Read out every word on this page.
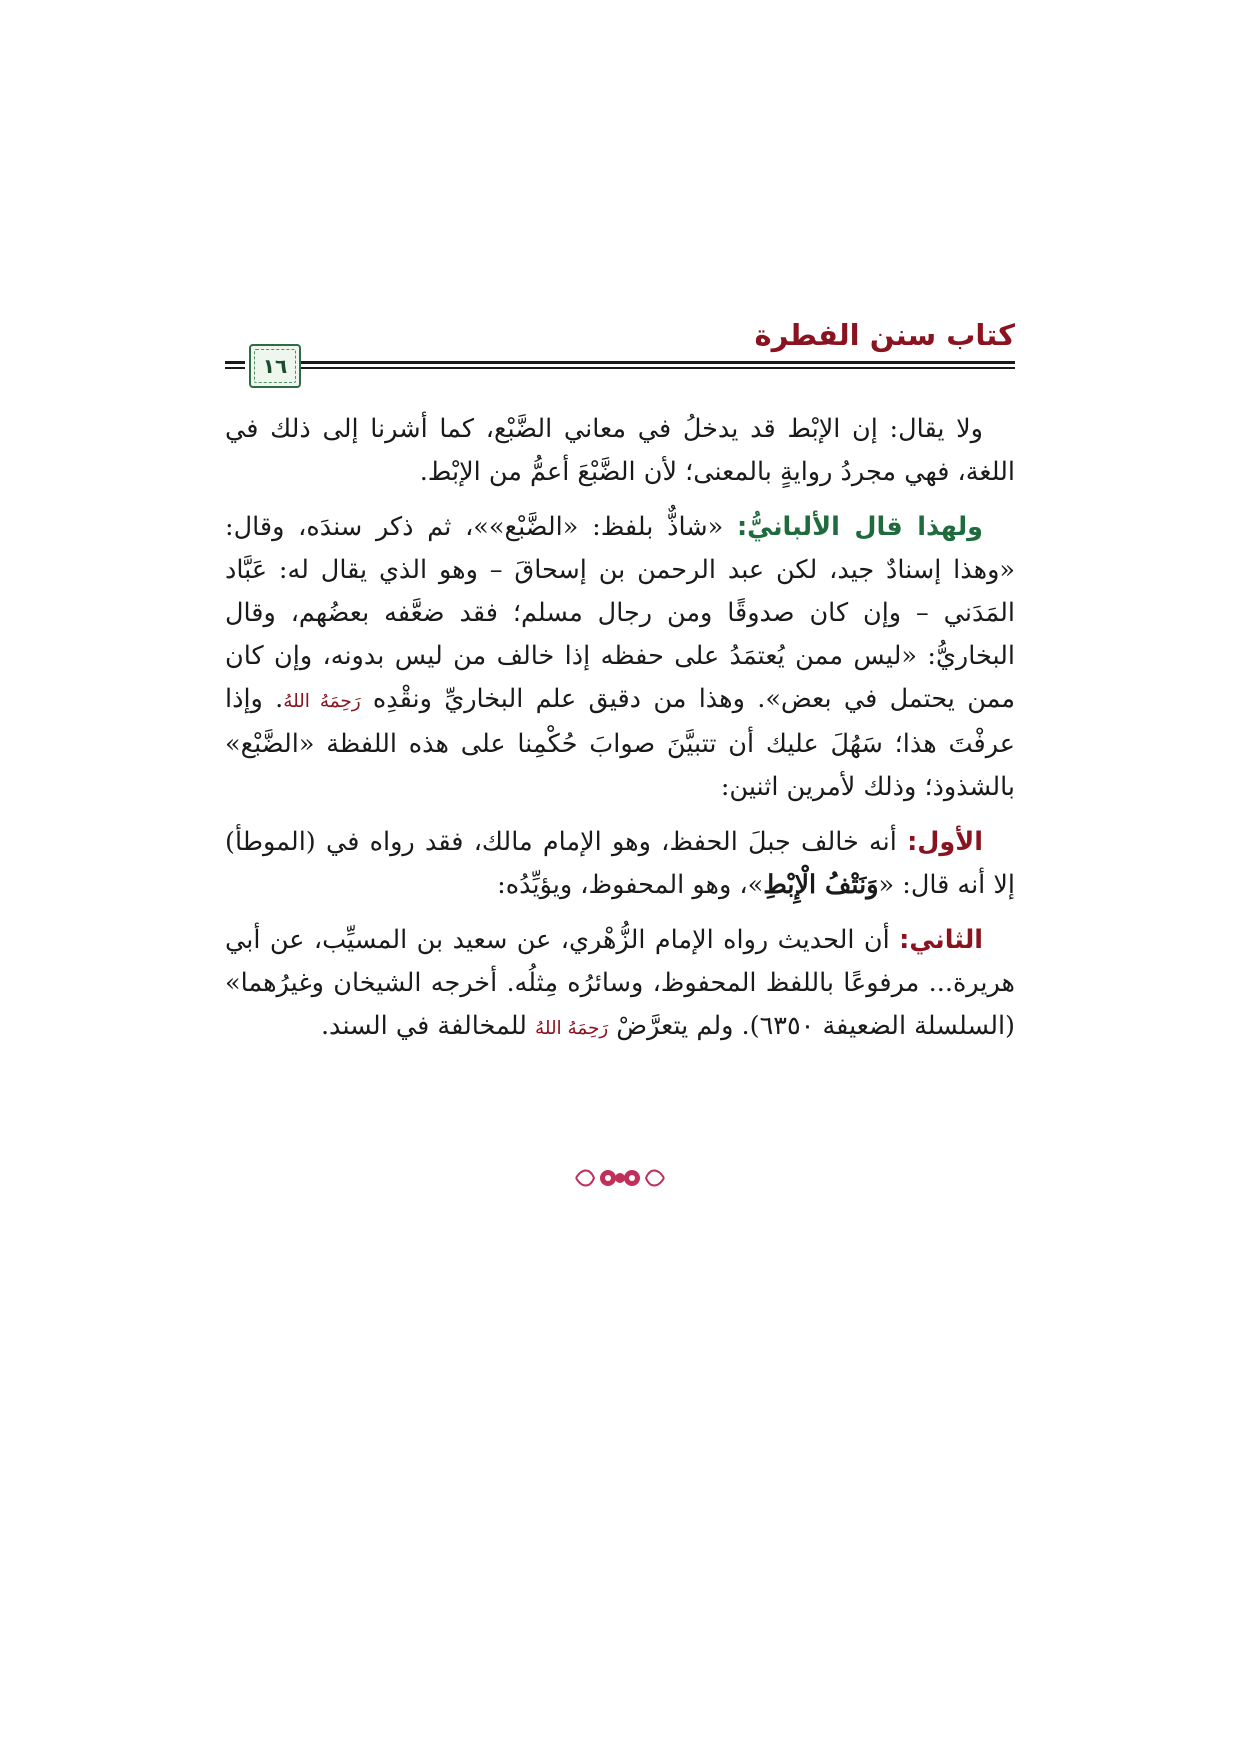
كتاب سنن الفطرة
١٦

ولا يقال: إن الإبْط قد يدخلُ في معاني الضَّبْع، كما أشرنا إلى ذلك في اللغة، فهي مجردُ روايةٍ بالمعنى؛ لأن الضَّبْعَ أعمُّ من الإبْط.

ولهذا قال الألبانيُّ: «شاذٌّ بلفظ: «الضَّبْع»»، ثم ذكر سندَه، وقال: «وهذا إسنادٌ جيد، لكن عبد الرحمن بن إسحاقَ – وهو الذي يقال له: عَبَّاد المَدَني – وإن كان صدوقًا ومن رجال مسلم؛ فقد ضعَّفه بعضُهم، وقال البخاريُّ: «ليس ممن يُعتمَدُ على حفظه إذا خالف من ليس بدونه، وإن كان ممن يحتمل في بعض». وهذا من دقيق علم البخاريِّ ونقْدِه رَحِمَهُ اللهُ. وإذا عرفْتَ هذا؛ سَهُلَ عليك أن تتبيَّنَ صوابَ حُكْمِنا على هذه اللفظة «الضَّبْع» بالشذوذ؛ وذلك لأمرين اثنين:

الأول: أنه خالف جبلَ الحفظ، وهو الإمام مالك، فقد رواه في (الموطأ) إلا أنه قال: «وَنَتْفُ الْإِبْطِ»، وهو المحفوظ، ويؤيِّدُه:

الثاني: أن الحديث رواه الإمام الزُّهْري، عن سعيد بن المسيِّب، عن أبي هريرة... مرفوعًا باللفظ المحفوظ، وسائرُه مِثلُه. أخرجه الشيخان وغيرُهما» (السلسلة الضعيفة ٦٣٥٠). ولم يتعرَّضْ رَحِمَهُ اللهُ للمخالفة في السند.
